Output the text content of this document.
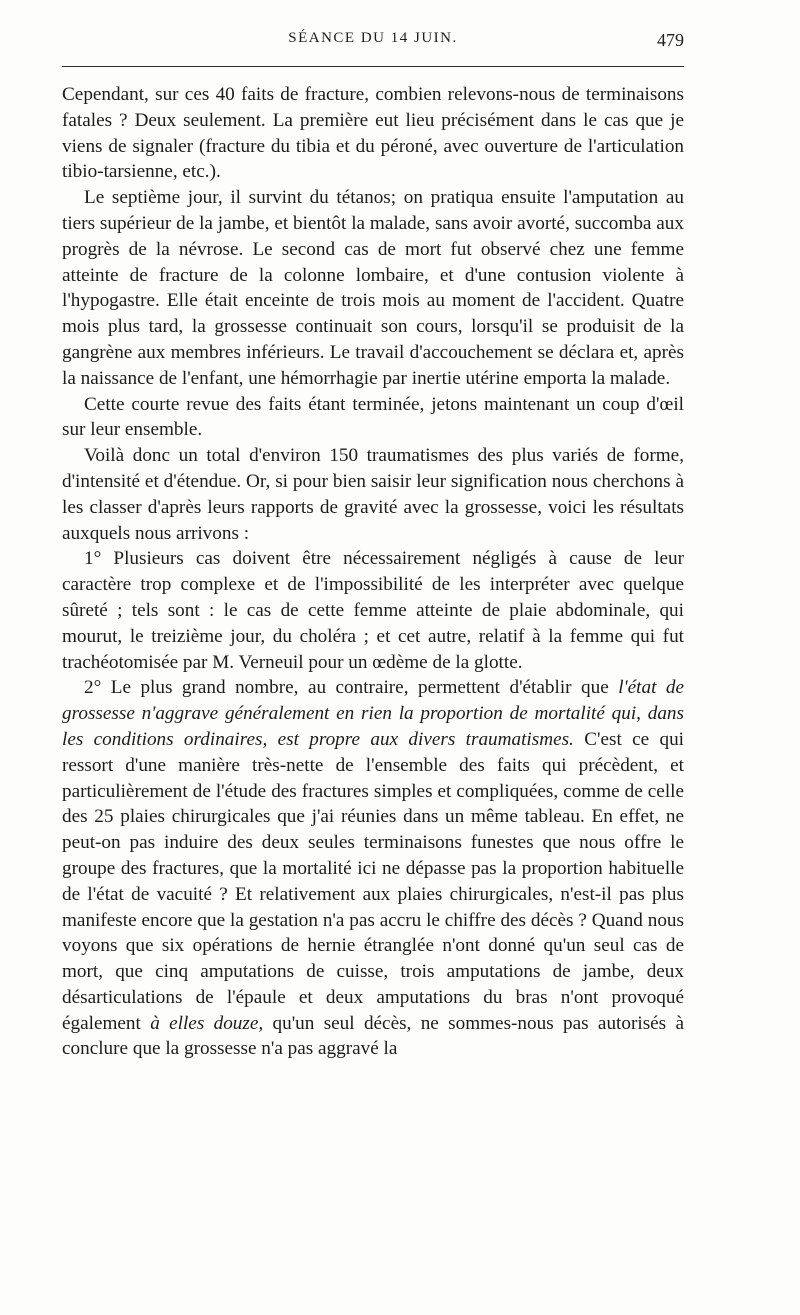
SÉANCE DU 14 JUIN.	479

Cependant, sur ces 40 faits de fracture, combien relevons-nous de terminaisons fatales ? Deux seulement. La première eut lieu précisément dans le cas que je viens de signaler (fracture du tibia et du péroné, avec ouverture de l'articulation tibio-tarsienne, etc.).

Le septième jour, il survint du tétanos; on pratiqua ensuite l'amputation au tiers supérieur de la jambe, et bientôt la malade, sans avoir avorté, succomba aux progrès de la névrose. Le second cas de mort fut observé chez une femme atteinte de fracture de la colonne lombaire, et d'une contusion violente à l'hypogastre. Elle était enceinte de trois mois au moment de l'accident. Quatre mois plus tard, la grossesse continuait son cours, lorsqu'il se produisit de la gangrène aux membres inférieurs. Le travail d'accouchement se déclara et, après la naissance de l'enfant, une hémorrhagie par inertie utérine emporta la malade.

Cette courte revue des faits étant terminée, jetons maintenant un coup d'œil sur leur ensemble.

Voilà donc un total d'environ 150 traumatismes des plus variés de forme, d'intensité et d'étendue. Or, si pour bien saisir leur signification nous cherchons à les classer d'après leurs rapports de gravité avec la grossesse, voici les résultats auxquels nous arrivons :

1° Plusieurs cas doivent être nécessairement négligés à cause de leur caractère trop complexe et de l'impossibilité de les interpréter avec quelque sûreté ; tels sont : le cas de cette femme atteinte de plaie abdominale, qui mourut, le treizième jour, du choléra ; et cet autre, relatif à la femme qui fut trachéotomisée par M. Verneuil pour un œdème de la glotte.

2° Le plus grand nombre, au contraire, permettent d'établir que l'état de grossesse n'aggrave généralement en rien la proportion de mortalité qui, dans les conditions ordinaires, est propre aux divers traumatismes. C'est ce qui ressort d'une manière très-nette de l'ensemble des faits qui précèdent, et particulièrement de l'étude des fractures simples et compliquées, comme de celle des 25 plaies chirurgicales que j'ai réunies dans un même tableau. En effet, ne peut-on pas induire des deux seules terminaisons funestes que nous offre le groupe des fractures, que la mortalité ici ne dépasse pas la proportion habituelle de l'état de vacuité ? Et relativement aux plaies chirurgicales, n'est-il pas plus manifeste encore que la gestation n'a pas accru le chiffre des décès ? Quand nous voyons que six opérations de hernie étranglée n'ont donné qu'un seul cas de mort, que cinq amputations de cuisse, trois amputations de jambe, deux désarticulations de l'épaule et deux amputations du bras n'ont provoqué également à elles douze, qu'un seul décès, ne sommes-nous pas autorisés à conclure que la grossesse n'a pas aggravé la
